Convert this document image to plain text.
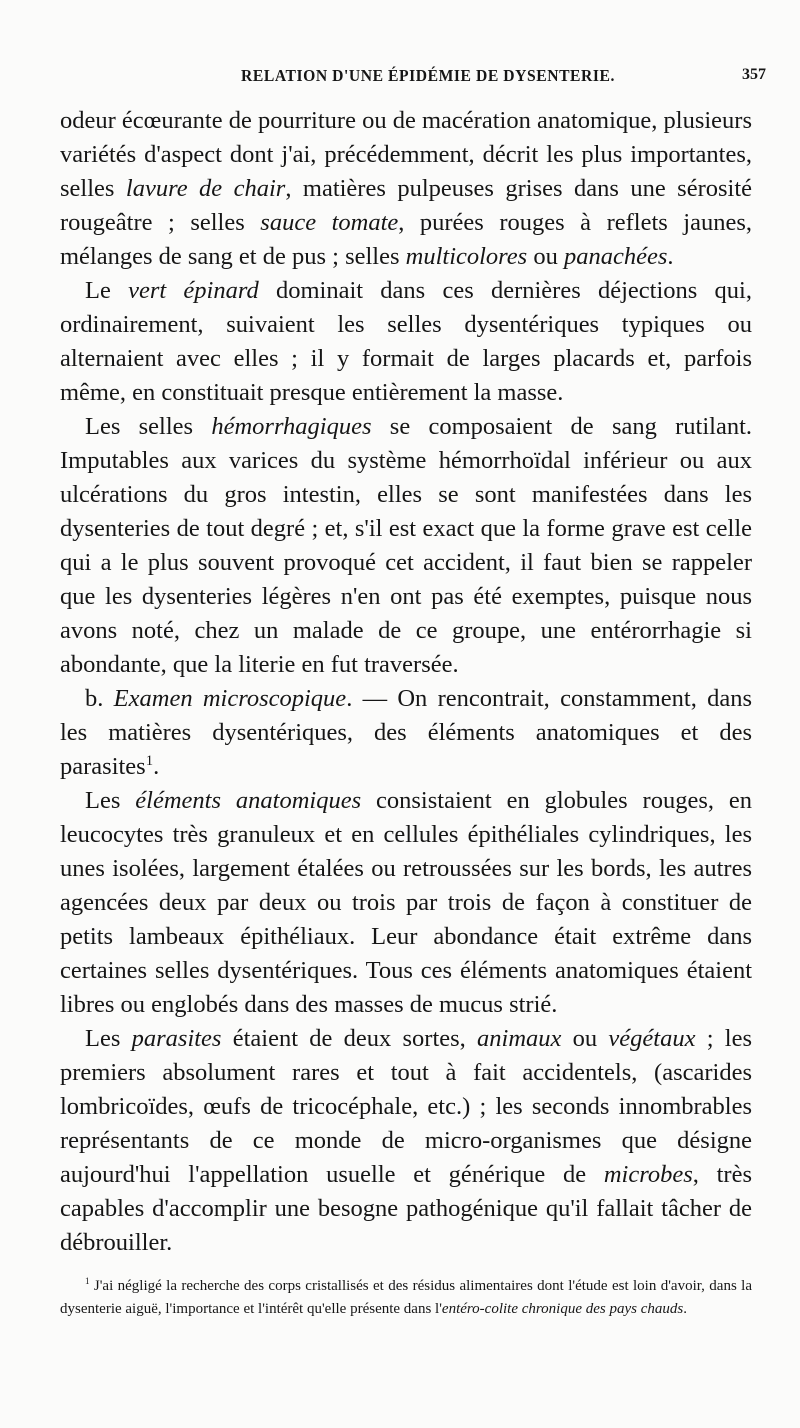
RELATION D'UNE ÉPIDÉMIE DE DYSENTERIE.	357

odeur écœurante de pourriture ou de macération anatomique, plusieurs variétés d'aspect dont j'ai, précédemment, décrit les plus importantes, selles lavure de chair, matières pulpeuses grises dans une sérosité rougeâtre ; selles sauce tomate, purées rouges à reflets jaunes, mélanges de sang et de pus ; selles multicolores ou panachées.

Le vert épinard dominait dans ces dernières déjections qui, ordinairement, suivaient les selles dysentériques typiques ou alternaient avec elles ; il y formait de larges placards et, parfois même, en constituait presque entièrement la masse.

Les selles hémorrhagiques se composaient de sang rutilant. Imputables aux varices du système hémorrhoïdal inférieur ou aux ulcérations du gros intestin, elles se sont manifestées dans les dysenteries de tout degré ; et, s'il est exact que la forme grave est celle qui a le plus souvent provoqué cet accident, il faut bien se rappeler que les dysenteries légères n'en ont pas été exemptes, puisque nous avons noté, chez un malade de ce groupe, une entérorrhagie si abondante, que la literie en fut traversée.

b. Examen microscopique. — On rencontrait, constamment, dans les matières dysentériques, des éléments anatomiques et des parasites$^1$.

Les éléments anatomiques consistaient en globules rouges, en leucocytes très granuleux et en cellules épithéliales cylindriques, les unes isolées, largement étalées ou retroussées sur les bords, les autres agencées deux par deux ou trois par trois de façon à constituer de petits lambeaux épithéliaux. Leur abondance était extrême dans certaines selles dysentériques. Tous ces éléments anatomiques étaient libres ou englobés dans des masses de mucus strié.

Les parasites étaient de deux sortes, animaux ou végétaux ; les premiers absolument rares et tout à fait accidentels, (ascarides lombricoïdes, œufs de tricocéphale, etc.) ; les seconds innombrables représentants de ce monde de micro-organismes que désigne aujourd'hui l'appellation usuelle et générique de microbes, très capables d'accomplir une besogne pathogénique qu'il fallait tâcher de débrouiller.

$^1$ J'ai négligé la recherche des corps cristallisés et des résidus alimentaires dont l'étude est loin d'avoir, dans la dysenterie aiguë, l'importance et l'intérêt qu'elle présente dans l'entéro-colite chronique des pays chauds.
